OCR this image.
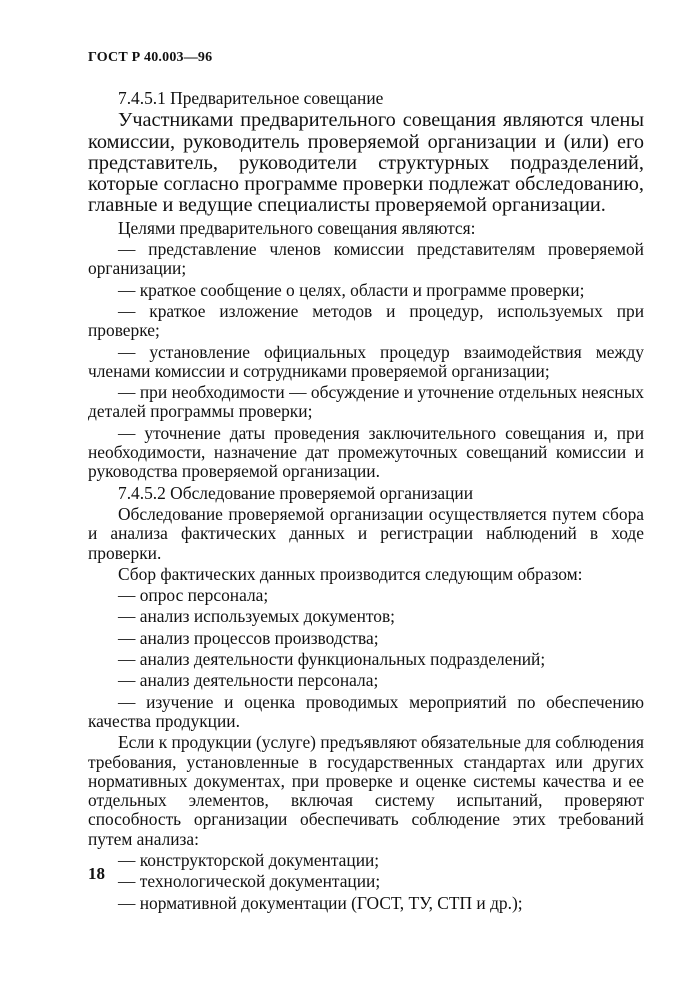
ГОСТ Р 40.003—96

7.4.5.1 Предварительное совещание

Участниками предварительного совещания являются члены комиссии, руководитель проверяемой организации и (или) его представитель, руководители структурных подразделений, которые согласно программе проверки подлежат обследованию, главные и ведущие специалисты проверяемой организации.

Целями предварительного совещания являются:

— представление членов комиссии представителям проверяемой организации;

— краткое сообщение о целях, области и программе проверки;

— краткое изложение методов и процедур, используемых при проверке;

— установление официальных процедур взаимодействия между членами комиссии и сотрудниками проверяемой организации;

— при необходимости — обсуждение и уточнение отдельных неясных деталей программы проверки;

— уточнение даты проведения заключительного совещания и, при необходимости, назначение дат промежуточных совещаний комиссии и руководства проверяемой организации.

7.4.5.2 Обследование проверяемой организации

Обследование проверяемой организации осуществляется путем сбора и анализа фактических данных и регистрации наблюдений в ходе проверки.

Сбор фактических данных производится следующим образом:

— опрос персонала;

— анализ используемых документов;

— анализ процессов производства;

— анализ деятельности функциональных подразделений;

— анализ деятельности персонала;

— изучение и оценка проводимых мероприятий по обеспечению качества продукции.

Если к продукции (услуге) предъявляют обязательные для соблюдения требования, установленные в государственных стандартах или других нормативных документах, при проверке и оценке системы качества и ее отдельных элементов, включая систему испытаний, проверяют способность организации обеспечивать соблюдение этих требований путем анализа:

— конструкторской документации;

— технологической документации;

— нормативной документации (ГОСТ, ТУ, СТП и др.);

18
